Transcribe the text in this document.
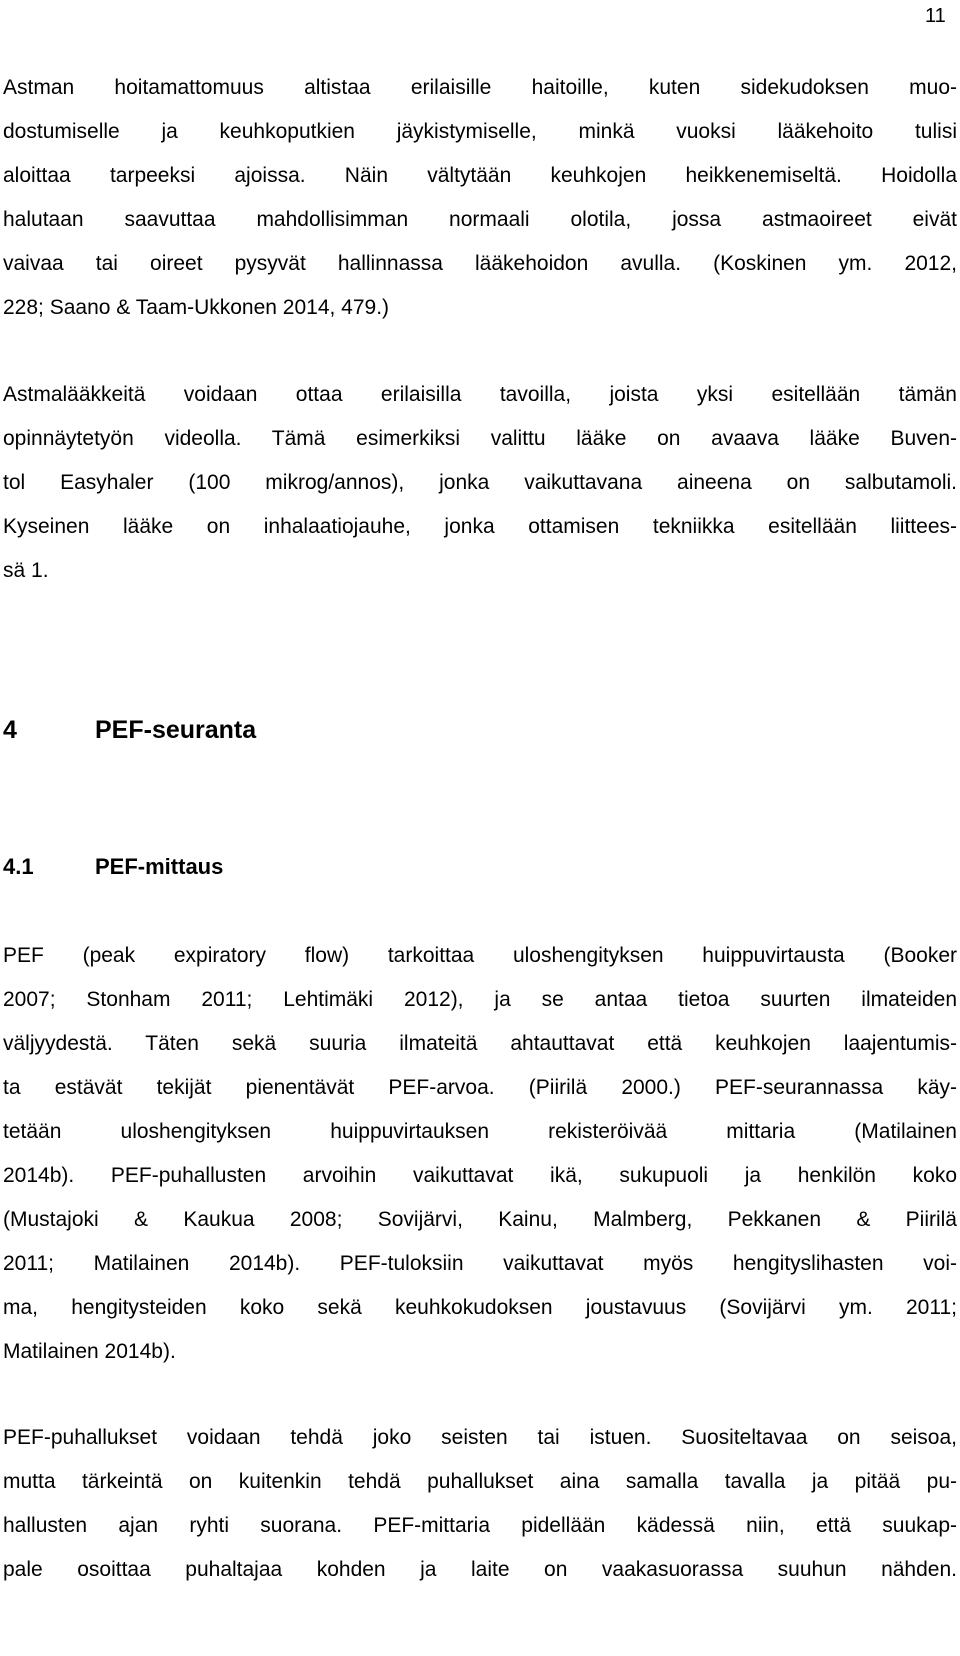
11
Astman hoitamattomuus altistaa erilaisille haitoille, kuten sidekudoksen muo-
dostumiselle ja keuhkoputkien jäykistymiselle, minkä vuoksi lääkehoito tulisi
aloittaa tarpeeksi ajoissa. Näin vältytään keuhkojen heikkenemiseltä. Hoidolla
halutaan saavuttaa mahdollisimman normaali olotila, jossa astmaoireet eivät
vaivaa tai oireet pysyvät hallinnassa lääkehoidon avulla. (Koskinen ym. 2012,
228; Saano & Taam-Ukkonen 2014, 479.)
Astmalääkkeitä voidaan ottaa erilaisilla tavoilla, joista yksi esitellään tämän
opinnäytetyön videolla. Tämä esimerkiksi valittu lääke on avaava lääke Buven-
tol Easyhaler (100 mikrog/annos), jonka vaikuttavana aineena on salbutamoli.
Kyseinen lääke on inhalaatiojauhe, jonka ottamisen tekniikka esitellään liittees-
sä 1.
4	PEF-seuranta
4.1	PEF-mittaus
PEF (peak expiratory flow) tarkoittaa uloshengityksen huippuvirtausta (Booker
2007; Stonham 2011; Lehtimäki 2012), ja se antaa tietoa suurten ilmateiden
väljyydestä. Täten sekä suuria ilmateitä ahtauttavat että keuhkojen laajentumis-
ta estävät tekijät pienentävät PEF-arvoa. (Piirilä 2000.) PEF-seurannassa käy-
tetään uloshengityksen huippuvirtauksen rekisteröivää mittaria (Matilainen
2014b). PEF-puhallusten arvoihin vaikuttavat ikä, sukupuoli ja henkilön koko
(Mustajoki & Kaukua 2008; Sovijärvi, Kainu, Malmberg, Pekkanen & Piirilä
2011; Matilainen 2014b). PEF-tuloksiin vaikuttavat myös hengityslihasten voi-
ma, hengitysteiden koko sekä keuhkokudoksen joustavuus (Sovijärvi ym. 2011;
Matilainen 2014b).
PEF-puhallukset voidaan tehdä joko seisten tai istuen. Suositeltavaa on seisoa,
mutta tärkeintä on kuitenkin tehdä puhallukset aina samalla tavalla ja pitää pu-
hallusten ajan ryhti suorana. PEF-mittaria pidellään kädessä niin, että suukap-
pale osoittaa puhaltajaa kohden ja laite on vaakasuorassa suuhun nähden.
